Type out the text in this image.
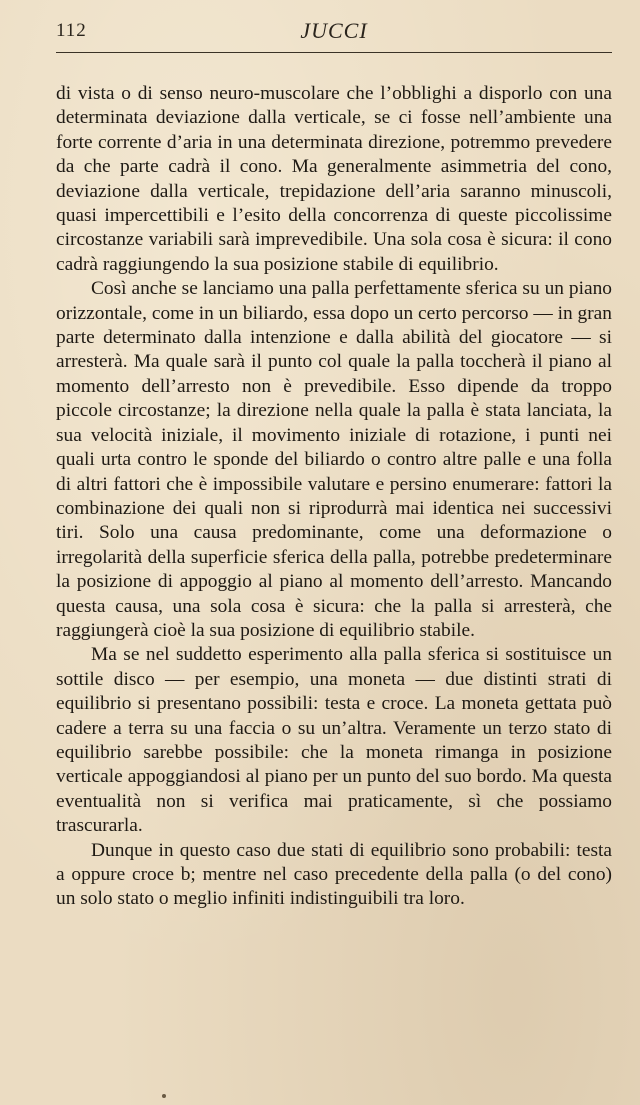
112	JUCCI

di vista o di senso neuro-muscolare che l’obblighi a disporlo con una determinata deviazione dalla verticale, se ci fosse nell’ambiente una forte corrente d’aria in una determinata direzione, potremmo prevedere da che parte cadrà il cono. Ma generalmente asimmetria del cono, deviazione dalla verticale, trepidazione dell’aria saranno minuscoli, quasi impercettibili e l’esito della concorrenza di queste piccolissime circostanze variabili sarà imprevedibile. Una sola cosa è sicura: il cono cadrà raggiungendo la sua posizione stabile di equilibrio.

Così anche se lanciamo una palla perfettamente sferica su un piano orizzontale, come in un biliardo, essa dopo un certo percorso — in gran parte determinato dalla intenzione e dalla abilità del giocatore — si arresterà. Ma quale sarà il punto col quale la palla toccherà il piano al momento dell’arresto non è prevedibile. Esso dipende da troppo piccole circostanze; la direzione nella quale la palla è stata lanciata, la sua velocità iniziale, il movimento iniziale di rotazione, i punti nei quali urta contro le sponde del biliardo o contro altre palle e una folla di altri fattori che è impossibile valutare e persino enumerare: fattori la combinazione dei quali non si riprodurrà mai identica nei successivi tiri. Solo una causa predominante, come una deformazione o irregolarità della superficie sferica della palla, potrebbe predeterminare la posizione di appoggio al piano al momento dell’arresto. Mancando questa causa, una sola cosa è sicura: che la palla si arresterà, che raggiungerà cioè la sua posizione di equilibrio stabile.

Ma se nel suddetto esperimento alla palla sferica si sostituisce un sottile disco — per esempio, una moneta — due distinti strati di equilibrio si presentano possibili: testa e croce. La moneta gettata può cadere a terra su una faccia o su un’altra. Veramente un terzo stato di equilibrio sarebbe possibile: che la moneta rimanga in posizione verticale appoggiandosi al piano per un punto del suo bordo. Ma questa eventualità non si verifica mai praticamente, sì che possiamo trascurarla.

Dunque in questo caso due stati di equilibrio sono probabili: testa a oppure croce b; mentre nel caso precedente della palla (o del cono) un solo stato o meglio infiniti indistinguibili tra loro.
